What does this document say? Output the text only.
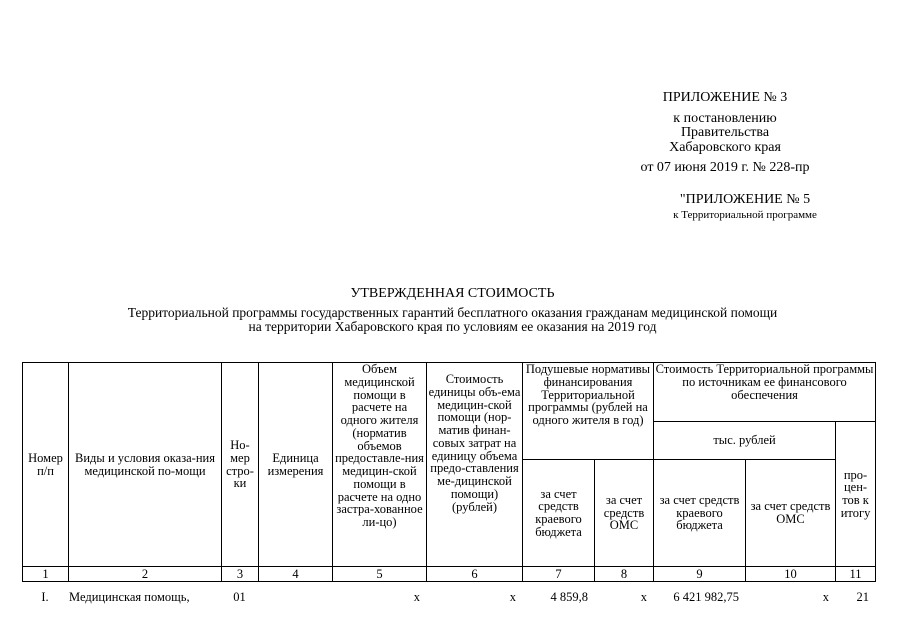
ПРИЛОЖЕНИЕ № 3
к постановлению
Правительства
Хабаровского края
от 07 июня 2019 г. № 228-пр
"ПРИЛОЖЕНИЕ № 5
к Территориальной программе
УТВЕРЖДЕННАЯ СТОИМОСТЬ
Территориальной программы государственных гарантий бесплатного оказания гражданам медицинской помощи
на территории Хабаровского края по условиям ее оказания на 2019 год
Номер п/п	Виды и условия оказа-ния медицинской по-мощи	Но-мер стро-ки	Единица измерения	Объем медицинской помощи в расчете на одного жителя (норматив объемов предоставле-ния медицин-ской помощи в расчете на одно застра-хованное ли-цо)	Стоимость единицы объ-ема медицин-ской помощи (нор-матив финан-совых затрат на единицу объема предо-ставления ме-дицинской помощи) (рублей)	Подушевые нормативы финансирования Территориальной программы (рублей на одного жителя в год)		Стоимость Территориальной программы по источникам ее финансового обеспечения		
								тыс. рублей		про-цен-тов к итогу
						за счет средств краевого бюджета	за счет средств ОМС	за счет средств краевого бюджета	за счет средств ОМС	
1	2	3	4	5	6	7	8	9	10	11
I.	Медицинская помощь,	01		x	x	4 859,8	x	6 421 982,75	x	21
